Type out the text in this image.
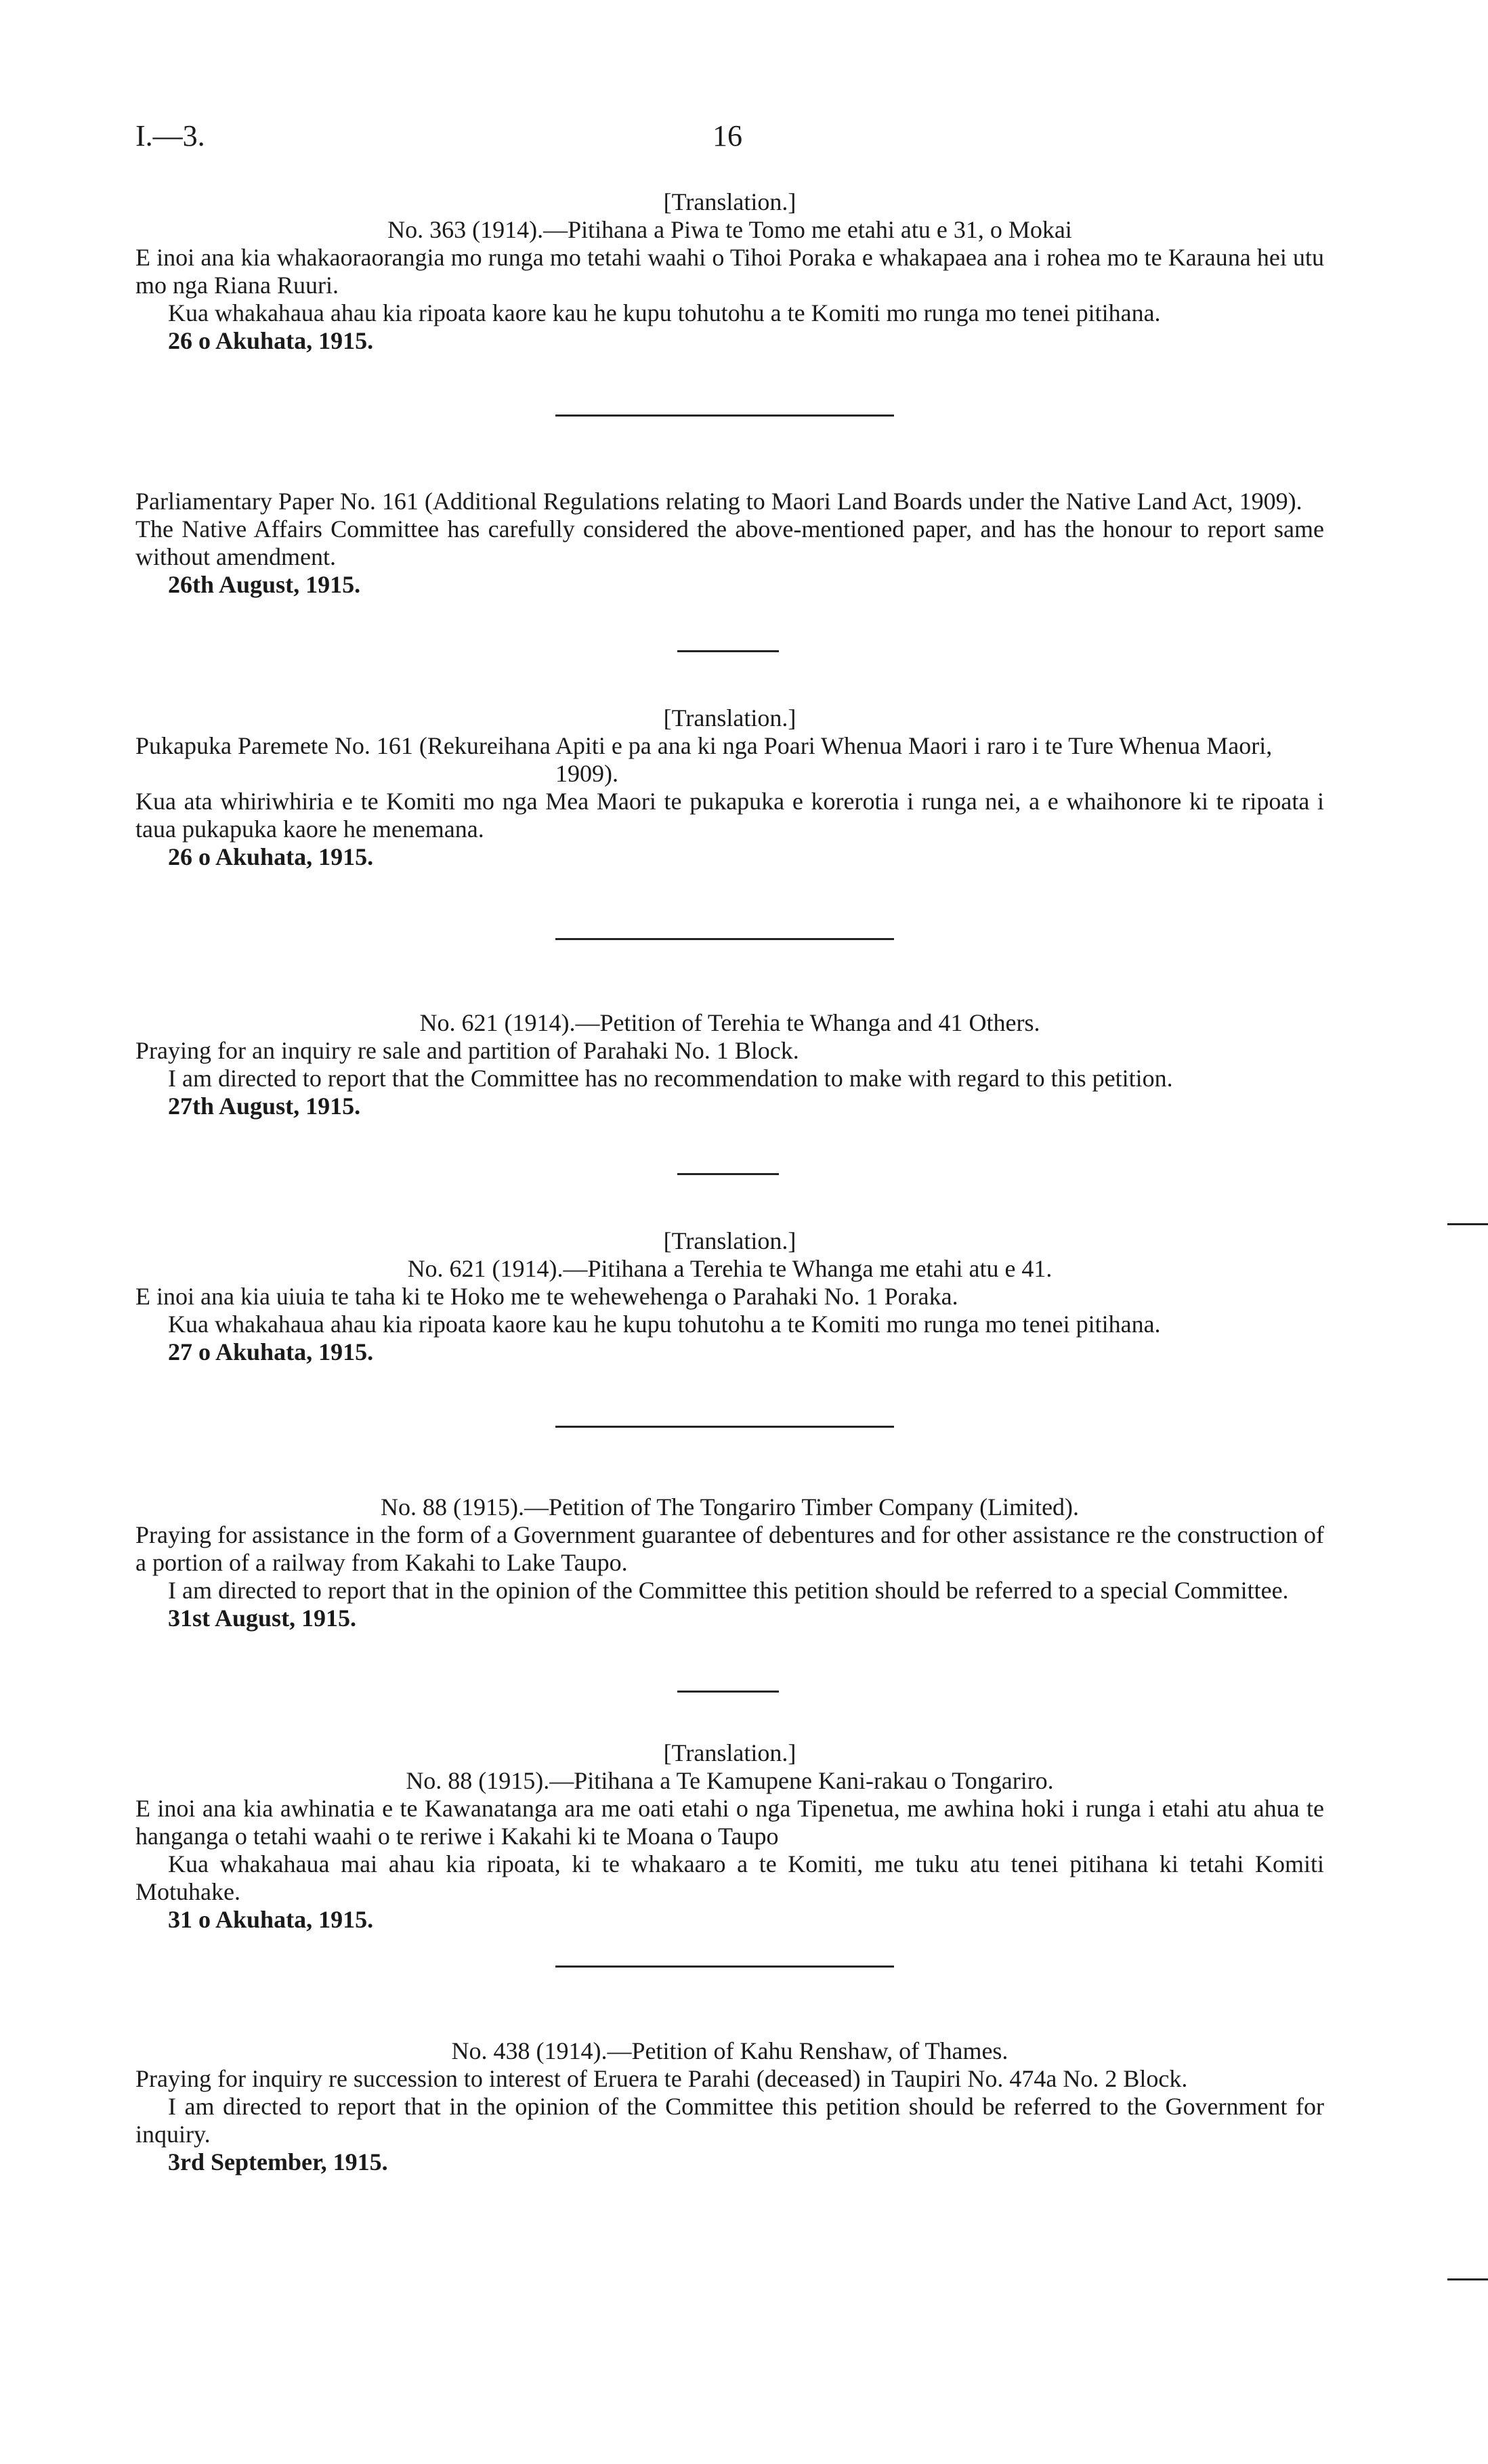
I.—3.	16

[Translation.]

No. 363 (1914).—Pitihana a Piwa te Tomo me etahi atu e 31, o Mokai

E inoi ana kia whakaoraorangia mo runga mo tetahi waahi o Tihoi Poraka e whakapaea ana i rohea mo te Karauna hei utu mo nga Riana Ruuri.

Kua whakahaua ahau kia ripoata kaore kau he kupu tohutohu a te Komiti mo runga mo tenei pitihana.

26 o Akuhata, 1915.

Parliamentary Paper No. 161 (Additional Regulations relating to Maori Land Boards under the Native Land Act, 1909).

The Native Affairs Committee has carefully considered the above-mentioned paper, and has the honour to report same without amendment.

26th August, 1915.

[Translation.]

Pukapuka Paremete No. 161 (Rekureihana Apiti e pa ana ki nga Poari Whenua Maori i raro i te Ture Whenua Maori, 1909).

Kua ata whiriwhiria e te Komiti mo nga Mea Maori te pukapuka e korerotia i runga nei, a e whaihonore ki te ripoata i taua pukapuka kaore he menemana.

26 o Akuhata, 1915.

No. 621 (1914).—Petition of Terehia te Whanga and 41 Others.

Praying for an inquiry re sale and partition of Parahaki No. 1 Block.

I am directed to report that the Committee has no recommendation to make with regard to this petition.

27th August, 1915.

[Translation.]

No. 621 (1914).—Pitihana a Terehia te Whanga me etahi atu e 41.

E inoi ana kia uiuia te taha ki te Hoko me te wehewehenga o Parahaki No. 1 Poraka.

Kua whakahaua ahau kia ripoata kaore kau he kupu tohutohu a te Komiti mo runga mo tenei pitihana.

27 o Akuhata, 1915.

No. 88 (1915).—Petition of The Tongariro Timber Company (Limited).

Praying for assistance in the form of a Government guarantee of debentures and for other assistance re the construction of a portion of a railway from Kakahi to Lake Taupo.

I am directed to report that in the opinion of the Committee this petition should be referred to a special Committee.

31st August, 1915.

[Translation.]

No. 88 (1915).—Pitihana a Te Kamupene Kani-rakau o Tongariro.

E inoi ana kia awhinatia e te Kawanatanga ara me oati etahi o nga Tipenetua, me awhina hoki i runga i etahi atu ahua te hanganga o tetahi waahi o te reriwe i Kakahi ki te Moana o Taupo

Kua whakahaua mai ahau kia ripoata, ki te whakaaro a te Komiti, me tuku atu tenei pitihana ki tetahi Komiti Motuhake.

31 o Akuhata, 1915.

No. 438 (1914).—Petition of Kahu Renshaw, of Thames.

Praying for inquiry re succession to interest of Eruera te Parahi (deceased) in Taupiri No. 474a No. 2 Block.

I am directed to report that in the opinion of the Committee this petition should be referred to the Government for inquiry.

3rd September, 1915.
